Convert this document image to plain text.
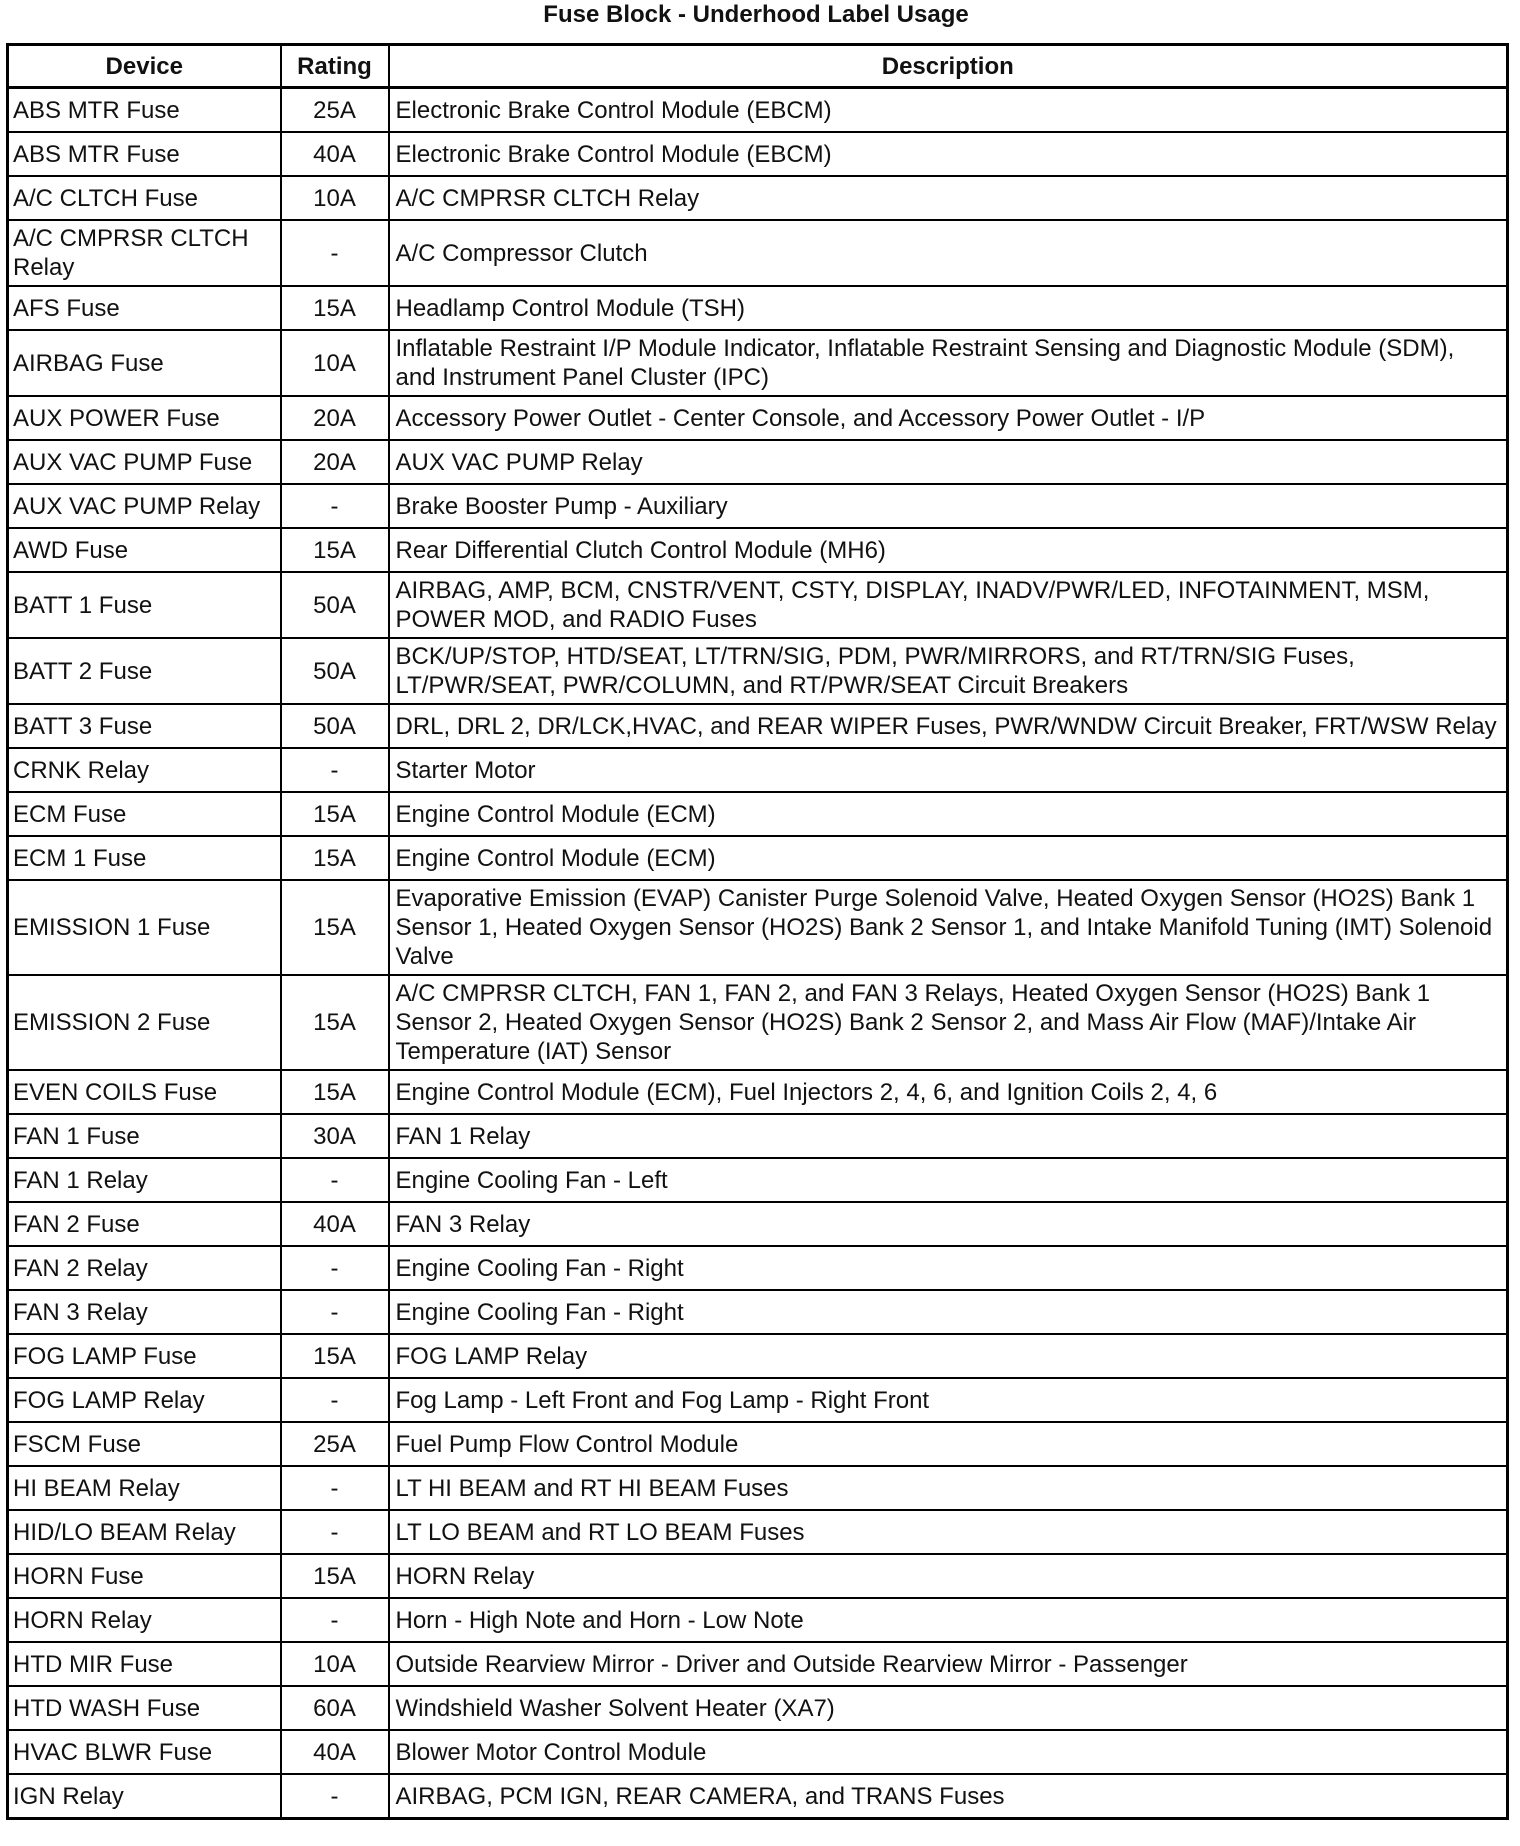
Fuse Block - Underhood Label Usage
Device	Rating	Description
ABS MTR Fuse	25A	Electronic Brake Control Module (EBCM)
ABS MTR Fuse	40A	Electronic Brake Control Module (EBCM)
A/C CLTCH Fuse	10A	A/C CMPRSR CLTCH Relay
A/C CMPRSR CLTCH Relay	-	A/C Compressor Clutch
AFS Fuse	15A	Headlamp Control Module (TSH)
AIRBAG Fuse	10A	Inflatable Restraint I/P Module Indicator, Inflatable Restraint Sensing and Diagnostic Module (SDM), and Instrument Panel Cluster (IPC)
AUX POWER Fuse	20A	Accessory Power Outlet - Center Console, and Accessory Power Outlet - I/P
AUX VAC PUMP Fuse	20A	AUX VAC PUMP Relay
AUX VAC PUMP Relay	-	Brake Booster Pump - Auxiliary
AWD Fuse	15A	Rear Differential Clutch Control Module (MH6)
BATT 1 Fuse	50A	AIRBAG, AMP, BCM, CNSTR/VENT, CSTY, DISPLAY, INADV/PWR/LED, INFOTAINMENT, MSM, POWER MOD, and RADIO Fuses
BATT 2 Fuse	50A	BCK/UP/STOP, HTD/SEAT, LT/TRN/SIG, PDM, PWR/MIRRORS, and RT/TRN/SIG Fuses, LT/PWR/SEAT, PWR/COLUMN, and RT/PWR/SEAT Circuit Breakers
BATT 3 Fuse	50A	DRL, DRL 2, DR/LCK,HVAC, and REAR WIPER Fuses, PWR/WNDW Circuit Breaker, FRT/WSW Relay
CRNK Relay	-	Starter Motor
ECM Fuse	15A	Engine Control Module (ECM)
ECM 1 Fuse	15A	Engine Control Module (ECM)
EMISSION 1 Fuse	15A	Evaporative Emission (EVAP) Canister Purge Solenoid Valve, Heated Oxygen Sensor (HO2S) Bank 1 Sensor 1, Heated Oxygen Sensor (HO2S) Bank 2 Sensor 1, and Intake Manifold Tuning (IMT) Solenoid Valve
EMISSION 2 Fuse	15A	A/C CMPRSR CLTCH, FAN 1, FAN 2, and FAN 3 Relays, Heated Oxygen Sensor (HO2S) Bank 1 Sensor 2, Heated Oxygen Sensor (HO2S) Bank 2 Sensor 2, and Mass Air Flow (MAF)/Intake Air Temperature (IAT) Sensor
EVEN COILS Fuse	15A	Engine Control Module (ECM), Fuel Injectors 2, 4, 6, and Ignition Coils 2, 4, 6
FAN 1 Fuse	30A	FAN 1 Relay
FAN 1 Relay	-	Engine Cooling Fan - Left
FAN 2 Fuse	40A	FAN 3 Relay
FAN 2 Relay	-	Engine Cooling Fan - Right
FAN 3 Relay	-	Engine Cooling Fan - Right
FOG LAMP Fuse	15A	FOG LAMP Relay
FOG LAMP Relay	-	Fog Lamp - Left Front and Fog Lamp - Right Front
FSCM Fuse	25A	Fuel Pump Flow Control Module
HI BEAM Relay	-	LT HI BEAM and RT HI BEAM Fuses
HID/LO BEAM Relay	-	LT LO BEAM and RT LO BEAM Fuses
HORN Fuse	15A	HORN Relay
HORN Relay	-	Horn - High Note and Horn - Low Note
HTD MIR Fuse	10A	Outside Rearview Mirror - Driver and Outside Rearview Mirror - Passenger
HTD WASH Fuse	60A	Windshield Washer Solvent Heater (XA7)
HVAC BLWR Fuse	40A	Blower Motor Control Module
IGN Relay	-	AIRBAG, PCM IGN, REAR CAMERA, and TRANS Fuses
